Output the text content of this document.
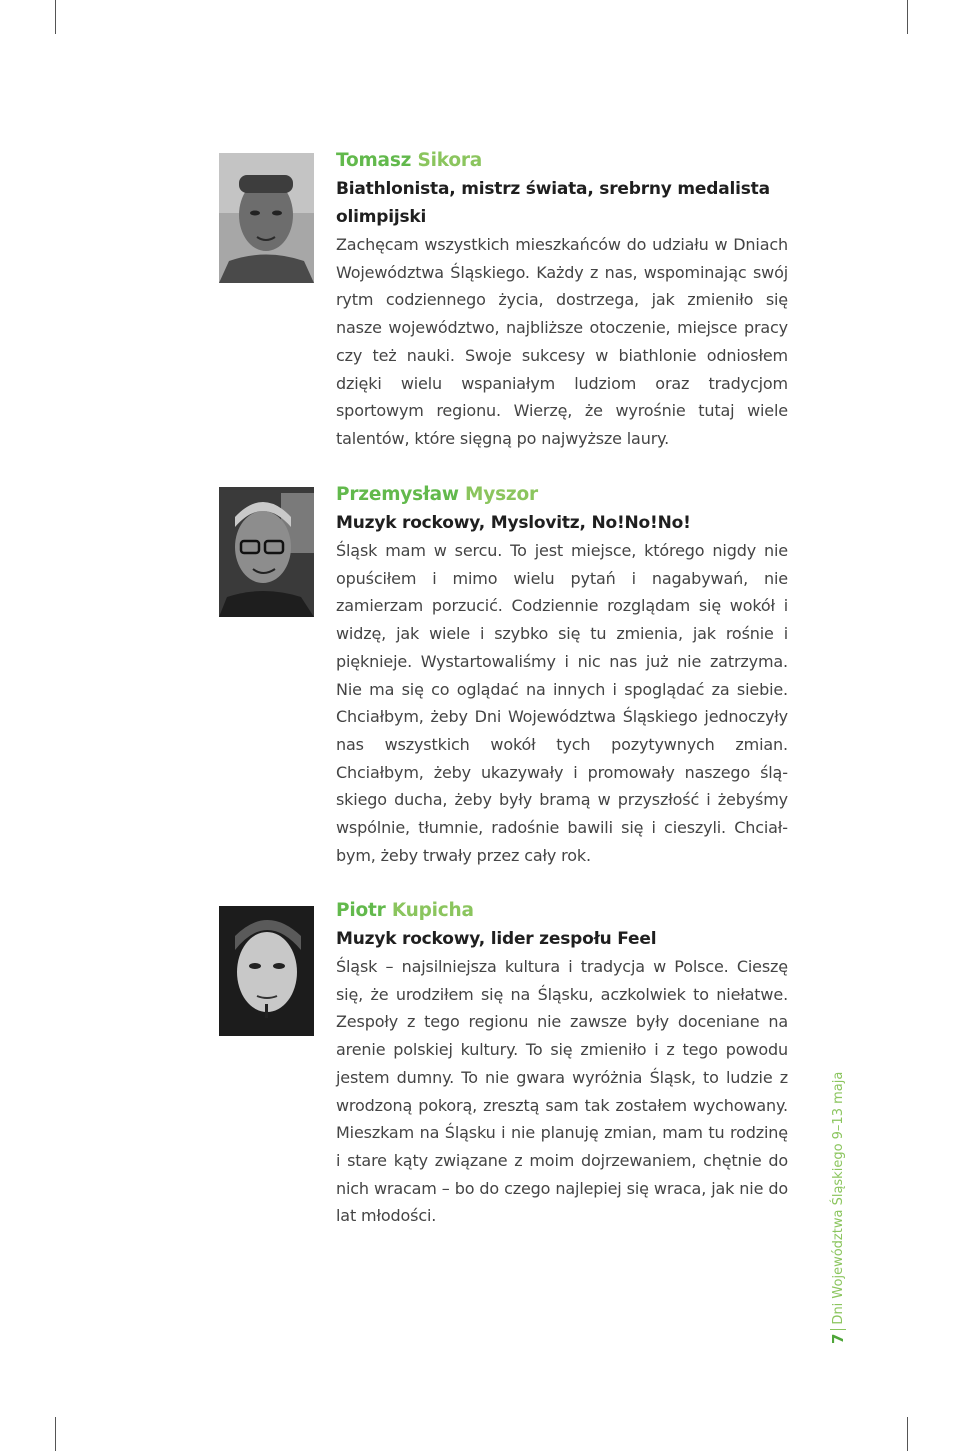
Tomasz Sikora

Biathlonista, mistrz świata, srebrny medalista olimpijski

Zachęcam wszystkich mieszkańców do udziału w Dniach Województwa Śląskiego. Każdy z nas, wspominając swój rytm codziennego życia, dostrzega, jak zmieniło się nasze województwo, najbliższe otoczenie, miejsce pracy czy też nauki. Swoje sukcesy w biathlonie odniosłem dzięki wielu wspaniałym ludziom oraz tradycjom sportowym regionu. Wierzę, że wyrośnie tutaj wiele talentów, które sięgną po najwyższe laury.

Przemysław Myszor

Muzyk rockowy, Myslovitz, No!No!No!

Śląsk mam w sercu. To jest miejsce, którego nigdy nie opuściłem i mimo wielu pytań i nagabywań, nie zamierzam porzucić. Codziennie rozglądam się wokół i widzę, jak wiele i szybko się tu zmienia, jak rośnie i pięknieje. Wystartowaliśmy i nic nas już nie zatrzyma. Nie ma się co oglądać na innych i spoglądać za siebie. Chciałbym, żeby Dni Województwa Śląskiego jednoczyły nas wszystkich wokół tych pozytywnych zmian. Chciałbym, żeby ukazywały i promowały naszego śląskiego ducha, żeby były bramą w przyszłość i żebyśmy wspólnie, tłumnie, radośnie bawili się i cieszyli. Chciałbym, żeby trwały przez cały rok.

Piotr Kupicha

Muzyk rockowy, lider zespołu Feel

Śląsk – najsilniejsza kultura i tradycja w Polsce. Cieszę się, że urodziłem się na Śląsku, aczkolwiek to niełatwe. Zespoły z tego regionu nie zawsze były doceniane na arenie polskiej kultury. To się zmieniło i z tego powodu jestem dumny. To nie gwara wyróżnia Śląsk, to ludzie z wrodzoną pokorą, zresztą sam tak zostałem wychowany. Mieszkam na Śląsku i nie planuję zmian, mam tu rodzinę i stare kąty związane z moim dojrzewaniem, chętnie do nich wracam – bo do czego najlepiej się wraca, jak nie do lat młodości.

7
Dni Województwa Śląskiego 9–13 maja
